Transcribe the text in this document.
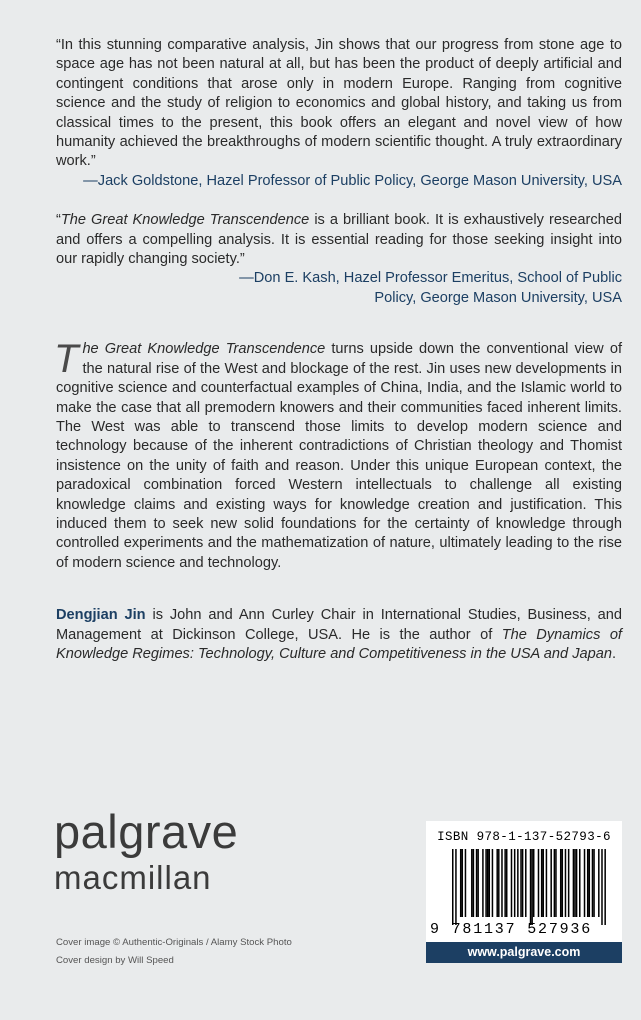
“In this stunning comparative analysis, Jin shows that our progress from stone age to space age has not been natural at all, but has been the product of deeply artificial and contingent conditions that arose only in modern Europe. Ranging from cognitive science and the study of religion to economics and global history, and taking us from classical times to the present, this book offers an elegant and novel view of how humanity achieved the breakthroughs of modern scientific thought. A truly extraordinary work.”

—Jack Goldstone, Hazel Professor of Public Policy, George Mason University, USA

“The Great Knowledge Transcendence is a brilliant book. It is exhaustively researched and offers a compelling analysis. It is essential reading for those seeking insight into our rapidly changing society.”

—Don E. Kash, Hazel Professor Emeritus, School of Public
Policy, George Mason University, USA

The Great Knowledge Transcendence turns upside down the conventional view of the natural rise of the West and blockage of the rest. Jin uses new developments in cognitive science and counterfactual examples of China, India, and the Islamic world to make the case that all premodern knowers and their communities faced inherent limits. The West was able to transcend those limits to develop modern science and technology because of the inherent contradictions of Christian theology and Thomist insistence on the unity of faith and reason. Under this unique European context, the paradoxical combination forced Western intellectuals to challenge all existing knowledge claims and existing ways for knowledge creation and justification. This induced them to seek new solid foundations for the certainty of knowledge through controlled experiments and the mathematization of nature, ultimately leading to the rise of modern science and technology.
Dengjian Jin is John and Ann Curley Chair in International Studies, Business, and Management at Dickinson College, USA. He is the author of The Dynamics of Knowledge Regimes: Technology, Culture and Competitiveness in the USA and Japan.
palgrave
macmillan
Cover image © Authentic-Originals / Alamy Stock Photo
Cover design by Will Speed
ISBN 978-1-137-52793-6
9 781137 527936
www.palgrave.com
